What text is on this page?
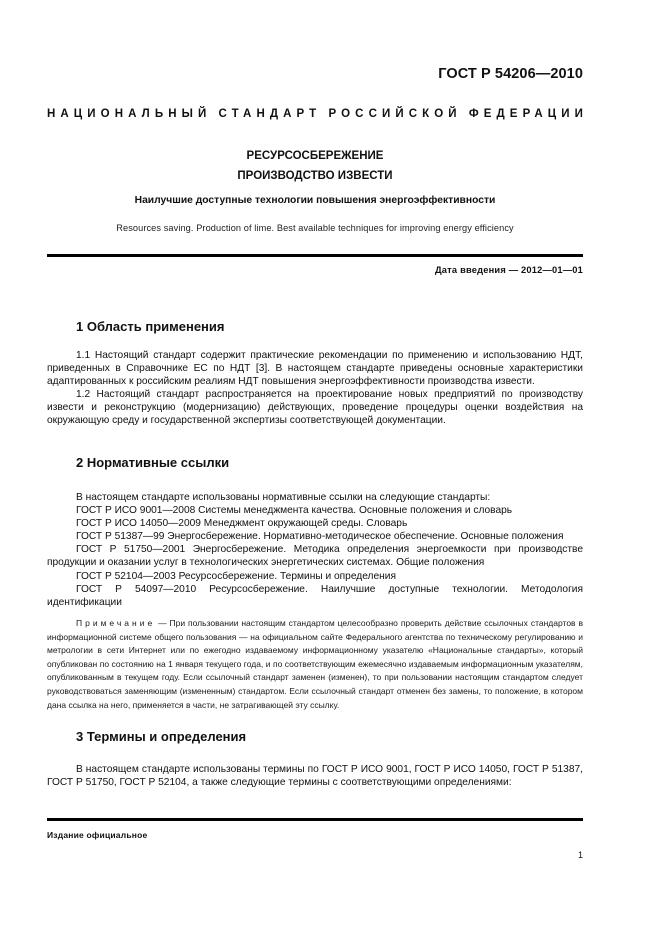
ГОСТ Р 54206—2010
НАЦИОНАЛЬНЫЙ СТАНДАРТ РОССИЙСКОЙ ФЕДЕРАЦИИ
РЕСУРСОСБЕРЕЖЕНИЕ
ПРОИЗВОДСТВО ИЗВЕСТИ
Наилучшие доступные технологии повышения энергоэффективности
Resources saving. Production of lime. Best available techniques for improving energy efficiency
Дата введения — 2012—01—01
1 Область применения

1.1 Настоящий стандарт содержит практические рекомендации по применению и использованию НДТ, приведенных в Справочнике ЕС по НДТ [3]. В настоящем стандарте приведены основные характеристики адаптированных к российским реалиям НДТ повышения энергоэффективности производства извести.

1.2 Настоящий стандарт распространяется на проектирование новых предприятий по производству извести и реконструкцию (модернизацию) действующих, проведение процедуры оценки воздействия на окружающую среду и государственной экспертизы соответствующей документации.

2 Нормативные ссылки

В настоящем стандарте использованы нормативные ссылки на следующие стандарты:

ГОСТ Р ИСО 9001—2008 Системы менеджмента качества. Основные положения и словарь

ГОСТ Р ИСО 14050—2009 Менеджмент окружающей среды. Словарь

ГОСТ Р 51387—99 Энергосбережение. Нормативно-методическое обеспечение. Основные положения

ГОСТ Р 51750—2001 Энергосбережение. Методика определения энергоемкости при производстве продукции и оказании услуг в технологических энергетических системах. Общие положения

ГОСТ Р 52104—2003 Ресурсосбережение. Термины и определения

ГОСТ Р 54097—2010 Ресурсосбережение. Наилучшие доступные технологии. Методология идентификации

Примечание — При пользовании настоящим стандартом целесообразно проверить действие ссылочных стандартов в информационной системе общего пользования — на официальном сайте Федерального агентства по техническому регулированию и метрологии в сети Интернет или по ежегодно издаваемому информационному указателю «Национальные стандарты», который опубликован по состоянию на 1 января текущего года, и по соответствующим ежемесячно издаваемым информационным указателям, опубликованным в текущем году. Если ссылочный стандарт заменен (изменен), то при пользовании настоящим стандартом следует руководствоваться заменяющим (измененным) стандартом. Если ссылочный стандарт отменен без замены, то положение, в котором дана ссылка на него, применяется в части, не затрагивающей эту ссылку.

3 Термины и определения

В настоящем стандарте использованы термины по ГОСТ Р ИСО 9001, ГОСТ Р ИСО 14050, ГОСТ Р 51387, ГОСТ Р 51750, ГОСТ Р 52104, а также следующие термины с соответствующими определениями:

Издание официальное
1
